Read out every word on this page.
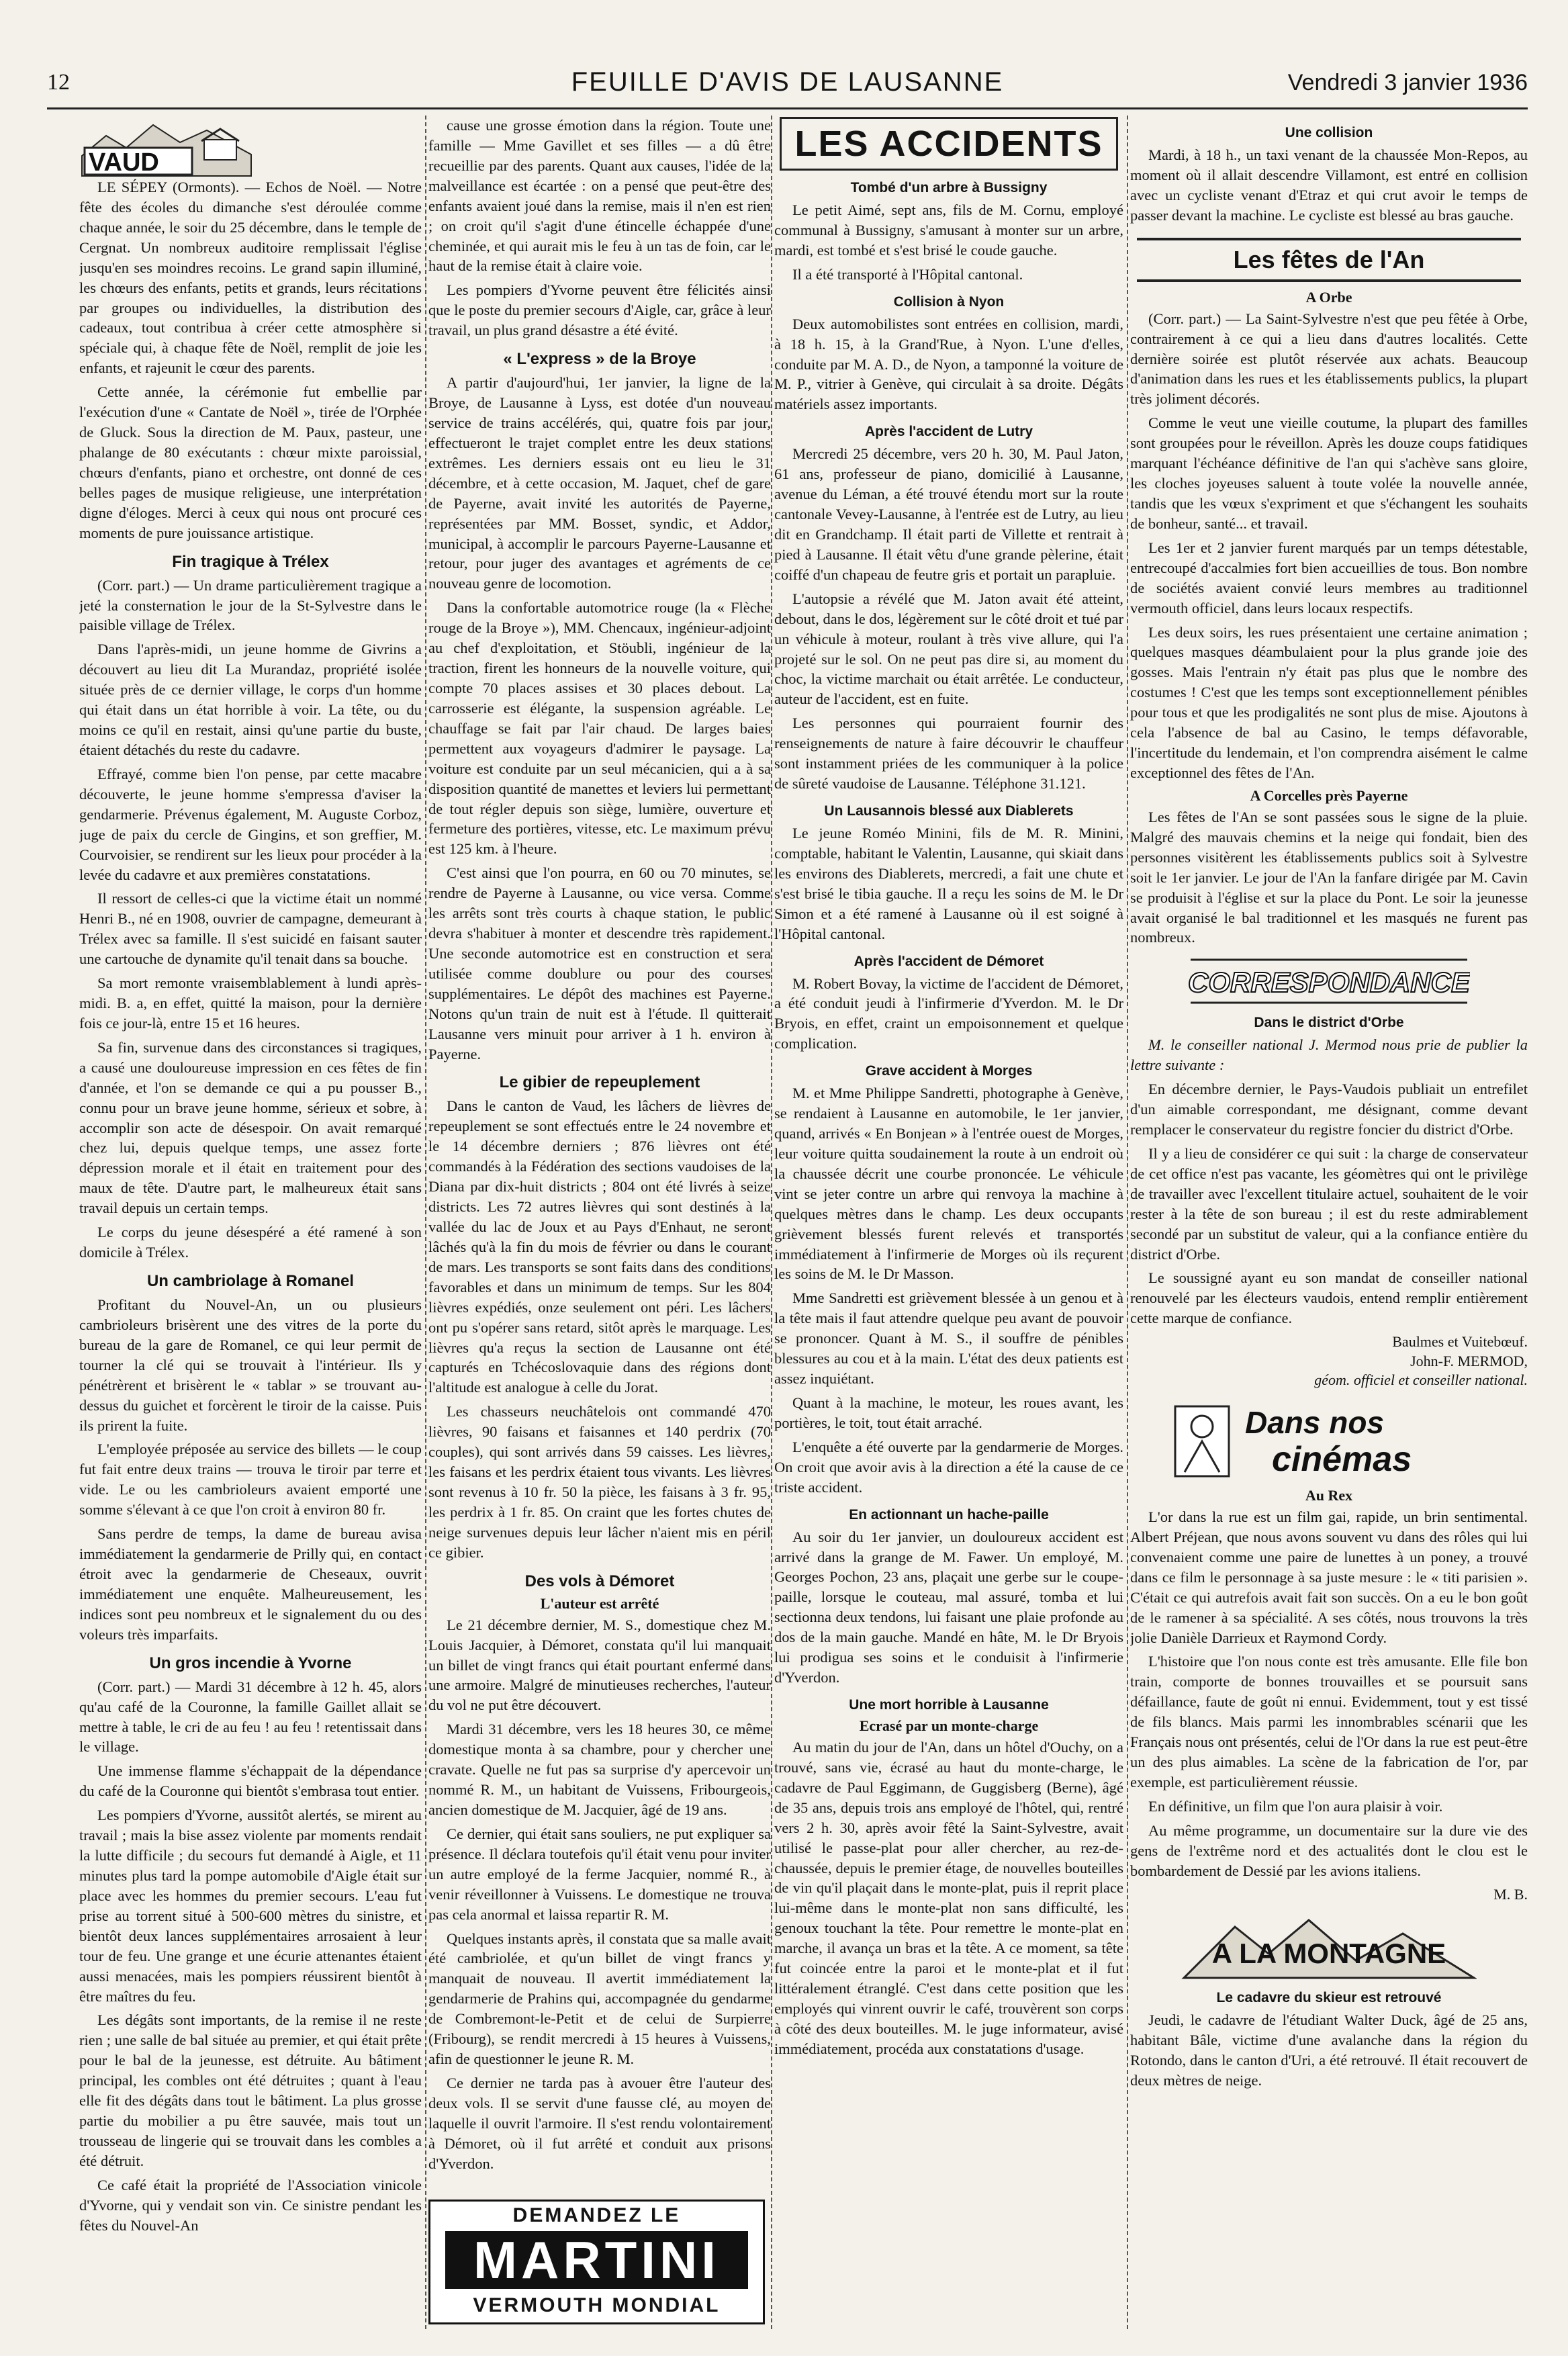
12	FEUILLE D'AVIS DE LAUSANNE	Vendredi 3 janvier 1936
VAUD

LE SÉPEY (Ormonts). — Echos de Noël. — Notre fête des écoles du dimanche s'est déroulée comme chaque année, le soir du 25 décembre, dans le temple de Cergnat. Un nombreux auditoire remplissait l'église jusqu'en ses moindres recoins. Le grand sapin illuminé, les chœurs des enfants, petits et grands, leurs récitations par groupes ou individuelles, la distribution des cadeaux, tout contribua à créer cette atmosphère si spéciale qui, à chaque fête de Noël, remplit de joie les enfants, et rajeunit le cœur des parents.

Cette année, la cérémonie fut embellie par l'exécution d'une « Cantate de Noël », tirée de l'Orphée de Gluck. Sous la direction de M. Paux, pasteur, une phalange de 80 exécutants : chœur mixte paroissial, chœurs d'enfants, piano et orchestre, ont donné de ces belles pages de musique religieuse, une interprétation digne d'éloges. Merci à ceux qui nous ont procuré ces moments de pure jouissance artistique.

Fin tragique à Trélex

(Corr. part.) — Un drame particulièrement tragique a jeté la consternation le jour de la St-Sylvestre dans le paisible village de Trélex.

Dans l'après-midi, un jeune homme de Givrins a découvert au lieu dit La Murandaz, propriété isolée située près de ce dernier village, le corps d'un homme qui était dans un état horrible à voir. La tête, ou du moins ce qu'il en restait, ainsi qu'une partie du buste, étaient détachés du reste du cadavre.

Effrayé, comme bien l'on pense, par cette macabre découverte, le jeune homme s'empressa d'aviser la gendarmerie. Prévenus également, M. Auguste Corboz, juge de paix du cercle de Gingins, et son greffier, M. Courvoisier, se rendirent sur les lieux pour procéder à la levée du cadavre et aux premières constatations.

Il ressort de celles-ci que la victime était un nommé Henri B., né en 1908, ouvrier de campagne, demeurant à Trélex avec sa famille. Il s'est suicidé en faisant sauter une cartouche de dynamite qu'il tenait dans sa bouche.

Sa mort remonte vraisemblablement à lundi après-midi. B. a, en effet, quitté la maison, pour la dernière fois ce jour-là, entre 15 et 16 heures.

Sa fin, survenue dans des circonstances si tragiques, a causé une douloureuse impression en ces fêtes de fin d'année, et l'on se demande ce qui a pu pousser B., connu pour un brave jeune homme, sérieux et sobre, à accomplir son acte de désespoir. On avait remarqué chez lui, depuis quelque temps, une assez forte dépression morale et il était en traitement pour des maux de tête. D'autre part, le malheureux était sans travail depuis un certain temps.

Le corps du jeune désespéré a été ramené à son domicile à Trélex.

Un cambriolage à Romanel

Profitant du Nouvel-An, un ou plusieurs cambrioleurs brisèrent une des vitres de la porte du bureau de la gare de Romanel, ce qui leur permit de tourner la clé qui se trouvait à l'intérieur. Ils y pénétrèrent et brisèrent le « tablar » se trouvant au-dessus du guichet et forcèrent le tiroir de la caisse. Puis ils prirent la fuite.

L'employée préposée au service des billets — le coup fut fait entre deux trains — trouva le tiroir par terre et vide. Le ou les cambrioleurs avaient emporté une somme s'élevant à ce que l'on croit à environ 80 fr.

Sans perdre de temps, la dame de bureau avisa immédiatement la gendarmerie de Prilly qui, en contact étroit avec la gendarmerie de Cheseaux, ouvrit immédiatement une enquête. Malheureusement, les indices sont peu nombreux et le signalement du ou des voleurs très imparfaits.

Un gros incendie à Yvorne

(Corr. part.) — Mardi 31 décembre à 12 h. 45, alors qu'au café de la Couronne, la famille Gaillet allait se mettre à table, le cri de au feu ! au feu ! retentissait dans le village.

Une immense flamme s'échappait de la dépendance du café de la Couronne qui bientôt s'embrasa tout entier.

Les pompiers d'Yvorne, aussitôt alertés, se mirent au travail ; mais la bise assez violente par moments rendait la lutte difficile ; du secours fut demandé à Aigle, et 11 minutes plus tard la pompe automobile d'Aigle était sur place avec les hommes du premier secours. L'eau fut prise au torrent situé à 500-600 mètres du sinistre, et bientôt deux lances supplémentaires arrosaient à leur tour de feu. Une grange et une écurie attenantes étaient aussi menacées, mais les pompiers réussirent bientôt à être maîtres du feu.

Les dégâts sont importants, de la remise il ne reste rien ; une salle de bal située au premier, et qui était prête pour le bal de la jeunesse, est détruite. Au bâtiment principal, les combles ont été détruites ; quant à l'eau elle fit des dégâts dans tout le bâtiment. La plus grosse partie du mobilier a pu être sauvée, mais tout un trousseau de lingerie qui se trouvait dans les combles a été détruit.

Ce café était la propriété de l'Association vinicole d'Yvorne, qui y vendait son vin. Ce sinistre pendant les fêtes du Nouvel-An

cause une grosse émotion dans la région. Toute une famille — Mme Gavillet et ses filles — a dû être recueillie par des parents. Quant aux causes, l'idée de la malveillance est écartée : on a pensé que peut-être des enfants avaient joué dans la remise, mais il n'en est rien ; on croit qu'il s'agit d'une étincelle échappée d'une cheminée, et qui aurait mis le feu à un tas de foin, car le haut de la remise était à claire voie.

Les pompiers d'Yvorne peuvent être félicités ainsi que le poste du premier secours d'Aigle, car, grâce à leur travail, un plus grand désastre a été évité.

« L'express » de la Broye

A partir d'aujourd'hui, 1er janvier, la ligne de la Broye, de Lausanne à Lyss, est dotée d'un nouveau service de trains accélérés, qui, quatre fois par jour, effectueront le trajet complet entre les deux stations extrêmes. Les derniers essais ont eu lieu le 31 décembre, et à cette occasion, M. Jaquet, chef de gare de Payerne, avait invité les autorités de Payerne, représentées par MM. Bosset, syndic, et Addor, municipal, à accomplir le parcours Payerne-Lausanne et retour, pour juger des avantages et agréments de ce nouveau genre de locomotion.

Dans la confortable automotrice rouge (la « Flèche rouge de la Broye »), MM. Chencaux, ingénieur-adjoint au chef d'exploitation, et Stöubli, ingénieur de la traction, firent les honneurs de la nouvelle voiture, qui compte 70 places assises et 30 places debout. La carrosserie est élégante, la suspension agréable. Le chauffage se fait par l'air chaud. De larges baies permettent aux voyageurs d'admirer le paysage. La voiture est conduite par un seul mécanicien, qui a à sa disposition quantité de manettes et leviers lui permettant de tout régler depuis son siège, lumière, ouverture et fermeture des portières, vitesse, etc. Le maximum prévu est 125 km. à l'heure.

C'est ainsi que l'on pourra, en 60 ou 70 minutes, se rendre de Payerne à Lausanne, ou vice versa. Comme les arrêts sont très courts à chaque station, le public devra s'habituer à monter et descendre très rapidement. Une seconde automotrice est en construction et sera utilisée comme doublure ou pour des courses supplémentaires. Le dépôt des machines est Payerne. Notons qu'un train de nuit est à l'étude. Il quitterait Lausanne vers minuit pour arriver à 1 h. environ à Payerne.

Le gibier de repeuplement

Dans le canton de Vaud, les lâchers de lièvres de repeuplement se sont effectués entre le 24 novembre et le 14 décembre derniers ; 876 lièvres ont été commandés à la Fédération des sections vaudoises de la Diana par dix-huit districts ; 804 ont été livrés à seize districts. Les 72 autres lièvres qui sont destinés à la vallée du lac de Joux et au Pays d'Enhaut, ne seront lâchés qu'à la fin du mois de février ou dans le courant de mars. Les transports se sont faits dans des conditions favorables et dans un minimum de temps. Sur les 804 lièvres expédiés, onze seulement ont péri. Les lâchers ont pu s'opérer sans retard, sitôt après le marquage. Les lièvres qu'a reçus la section de Lausanne ont été capturés en Tchécoslovaquie dans des régions dont l'altitude est analogue à celle du Jorat.

Les chasseurs neuchâtelois ont commandé 470 lièvres, 90 faisans et faisannes et 140 perdrix (70 couples), qui sont arrivés dans 59 caisses. Les lièvres, les faisans et les perdrix étaient tous vivants. Les lièvres sont revenus à 10 fr. 50 la pièce, les faisans à 3 fr. 95, les perdrix à 1 fr. 85. On craint que les fortes chutes de neige survenues depuis leur lâcher n'aient mis en péril ce gibier.

Des vols à Démoret
L'auteur est arrêté

Le 21 décembre dernier, M. S., domestique chez M. Louis Jacquier, à Démoret, constata qu'il lui manquait un billet de vingt francs qui était pourtant enfermé dans une armoire. Malgré de minutieuses recherches, l'auteur du vol ne put être découvert.

Mardi 31 décembre, vers les 18 heures 30, ce même domestique monta à sa chambre, pour y chercher une cravate. Quelle ne fut pas sa surprise d'y apercevoir un nommé R. M., un habitant de Vuissens, Fribourgeois, ancien domestique de M. Jacquier, âgé de 19 ans.

Ce dernier, qui était sans souliers, ne put expliquer sa présence. Il déclara toutefois qu'il était venu pour inviter un autre employé de la ferme Jacquier, nommé R., à venir réveillonner à Vuissens. Le domestique ne trouva pas cela anormal et laissa repartir R. M.

Quelques instants après, il constata que sa malle avait été cambriolée, et qu'un billet de vingt francs y manquait de nouveau. Il avertit immédiatement la gendarmerie de Prahins qui, accompagnée du gendarme de Combremont-le-Petit et de celui de Surpierre (Fribourg), se rendit mercredi à 15 heures à Vuissens, afin de questionner le jeune R. M.

Ce dernier ne tarda pas à avouer être l'auteur des deux vols. Il se servit d'une fausse clé, au moyen de laquelle il ouvrit l'armoire. Il s'est rendu volontairement à Démoret, où il fut arrêté et conduit aux prisons d'Yverdon.

DEMANDEZ LE
MARTINI
VERMOUTH MONDIAL
LES ACCIDENTS
Tombé d'un arbre à Bussigny

Le petit Aimé, sept ans, fils de M. Cornu, employé communal à Bussigny, s'amusant à monter sur un arbre, mardi, est tombé et s'est brisé le coude gauche.

Il a été transporté à l'Hôpital cantonal.

Collision à Nyon

Deux automobilistes sont entrées en collision, mardi, à 18 h. 15, à la Grand'Rue, à Nyon. L'une d'elles, conduite par M. A. D., de Nyon, a tamponné la voiture de M. P., vitrier à Genève, qui circulait à sa droite. Dégâts matériels assez importants.

Après l'accident de Lutry

Mercredi 25 décembre, vers 20 h. 30, M. Paul Jaton, 61 ans, professeur de piano, domicilié à Lausanne, avenue du Léman, a été trouvé étendu mort sur la route cantonale Vevey-Lausanne, à l'entrée est de Lutry, au lieu dit en Grandchamp. Il était parti de Villette et rentrait à pied à Lausanne. Il était vêtu d'une grande pèlerine, était coiffé d'un chapeau de feutre gris et portait un parapluie.

L'autopsie a révélé que M. Jaton avait été atteint, debout, dans le dos, légèrement sur le côté droit et tué par un véhicule à moteur, roulant à très vive allure, qui l'a projeté sur le sol. On ne peut pas dire si, au moment du choc, la victime marchait ou était arrêtée. Le conducteur, auteur de l'accident, est en fuite.

Les personnes qui pourraient fournir des renseignements de nature à faire découvrir le chauffeur sont instamment priées de les communiquer à la police de sûreté vaudoise de Lausanne. Téléphone 31.121.

Un Lausannois blessé aux Diablerets

Le jeune Roméo Minini, fils de M. R. Minini, comptable, habitant le Valentin, Lausanne, qui skiait dans les environs des Diablerets, mercredi, a fait une chute et s'est brisé le tibia gauche. Il a reçu les soins de M. le Dr Simon et a été ramené à Lausanne où il est soigné à l'Hôpital cantonal.

Après l'accident de Démoret

M. Robert Bovay, la victime de l'accident de Démoret, a été conduit jeudi à l'infirmerie d'Yverdon. M. le Dr Bryois, en effet, craint un empoisonnement et quelque complication.

Grave accident à Morges

M. et Mme Philippe Sandretti, photographe à Genève, se rendaient à Lausanne en automobile, le 1er janvier, quand, arrivés « En Bonjean » à l'entrée ouest de Morges, leur voiture quitta soudainement la route à un endroit où la chaussée décrit une courbe prononcée. Le véhicule vint se jeter contre un arbre qui renvoya la machine à quelques mètres dans le champ. Les deux occupants grièvement blessés furent relevés et transportés immédiatement à l'infirmerie de Morges où ils reçurent les soins de M. le Dr Masson.

Mme Sandretti est grièvement blessée à un genou et à la tête mais il faut attendre quelque peu avant de pouvoir se prononcer. Quant à M. S., il souffre de pénibles blessures au cou et à la main. L'état des deux patients est assez inquiétant.

Quant à la machine, le moteur, les roues avant, les portières, le toit, tout était arraché.

L'enquête a été ouverte par la gendarmerie de Morges. On croit que avoir avis à la direction a été la cause de ce triste accident.

En actionnant un hache-paille

Au soir du 1er janvier, un douloureux accident est arrivé dans la grange de M. Fawer. Un employé, M. Georges Pochon, 23 ans, plaçait une gerbe sur le coupe-paille, lorsque le couteau, mal assuré, tomba et lui sectionna deux tendons, lui faisant une plaie profonde au dos de la main gauche. Mandé en hâte, M. le Dr Bryois lui prodigua ses soins et le conduisit à l'infirmerie d'Yverdon.

Une mort horrible à Lausanne
Ecrasé par un monte-charge

Au matin du jour de l'An, dans un hôtel d'Ouchy, on a trouvé, sans vie, écrasé au haut du monte-charge, le cadavre de Paul Eggimann, de Guggisberg (Berne), âgé de 35 ans, depuis trois ans employé de l'hôtel, qui, rentré vers 2 h. 30, après avoir fêté la Saint-Sylvestre, avait utilisé le passe-plat pour aller chercher, au rez-de-chaussée, depuis le premier étage, de nouvelles bouteilles de vin qu'il plaçait dans le monte-plat, puis il reprit place lui-même dans le monte-plat non sans difficulté, les genoux touchant la tête. Pour remettre le monte-plat en marche, il avança un bras et la tête. A ce moment, sa tête fut coincée entre la paroi et le monte-plat et il fut littéralement étranglé. C'est dans cette position que les employés qui vinrent ouvrir le café, trouvèrent son corps à côté des deux bouteilles. M. le juge informateur, avisé immédiatement, procéda aux constatations d'usage.

Une collision

Mardi, à 18 h., un taxi venant de la chaussée Mon-Repos, au moment où il allait descendre Villamont, est entré en collision avec un cycliste venant d'Etraz et qui crut avoir le temps de passer devant la machine. Le cycliste est blessé au bras gauche.

Les fêtes de l'An
A Orbe

(Corr. part.) — La Saint-Sylvestre n'est que peu fêtée à Orbe, contrairement à ce qui a lieu dans d'autres localités. Cette dernière soirée est plutôt réservée aux achats. Beaucoup d'animation dans les rues et les établissements publics, la plupart très joliment décorés.

Comme le veut une vieille coutume, la plupart des familles sont groupées pour le réveillon. Après les douze coups fatidiques marquant l'échéance définitive de l'an qui s'achève sans gloire, les cloches joyeuses saluent à toute volée la nouvelle année, tandis que les vœux s'expriment et que s'échangent les souhaits de bonheur, santé... et travail.

Les 1er et 2 janvier furent marqués par un temps détestable, entrecoupé d'accalmies fort bien accueillies de tous. Bon nombre de sociétés avaient convié leurs membres au traditionnel vermouth officiel, dans leurs locaux respectifs.

Les deux soirs, les rues présentaient une certaine animation ; quelques masques déambulaient pour la plus grande joie des gosses. Mais l'entrain n'y était pas plus que le nombre des costumes ! C'est que les temps sont exceptionnellement pénibles pour tous et que les prodigalités ne sont plus de mise. Ajoutons à cela l'absence de bal au Casino, le temps défavorable, l'incertitude du lendemain, et l'on comprendra aisément le calme exceptionnel des fêtes de l'An.

A Corcelles près Payerne

Les fêtes de l'An se sont passées sous le signe de la pluie. Malgré des mauvais chemins et la neige qui fondait, bien des personnes visitèrent les établissements publics soit à Sylvestre soit le 1er janvier. Le jour de l'An la fanfare dirigée par M. Cavin se produisit à l'église et sur la place du Pont. Le soir la jeunesse avait organisé le bal traditionnel et les masqués ne furent pas nombreux.

CORRESPONDANCE
Dans le district d'Orbe

M. le conseiller national J. Mermod nous prie de publier la lettre suivante :

En décembre dernier, le Pays-Vaudois publiait un entrefilet d'un aimable correspondant, me désignant, comme devant remplacer le conservateur du registre foncier du district d'Orbe.

Il y a lieu de considérer ce qui suit : la charge de conservateur de cet office n'est pas vacante, les géomètres qui ont le privilège de travailler avec l'excellent titulaire actuel, souhaitent de le voir rester à la tête de son bureau ; il est du reste admirablement secondé par un substitut de valeur, qui a la confiance entière du district d'Orbe.

Le soussigné ayant eu son mandat de conseiller national renouvelé par les électeurs vaudois, entend remplir entièrement cette marque de confiance.

Baulmes et Vuitebœuf.
John-F. MERMOD,
géom. officiel et conseiller national.
Dans nos
cinémas
Au Rex

L'or dans la rue est un film gai, rapide, un brin sentimental. Albert Préjean, que nous avons souvent vu dans des rôles qui lui convenaient comme une paire de lunettes à un poney, a trouvé dans ce film le personnage à sa juste mesure : le « titi parisien ». C'était ce qui autrefois avait fait son succès. On a eu le bon goût de le ramener à sa spécialité. A ses côtés, nous trouvons la très jolie Danièle Darrieux et Raymond Cordy.

L'histoire que l'on nous conte est très amusante. Elle file bon train, comporte de bonnes trouvailles et se poursuit sans défaillance, faute de goût ni ennui. Evidemment, tout y est tissé de fils blancs. Mais parmi les innombrables scénarii que les Français nous ont présentés, celui de l'Or dans la rue est peut-être un des plus aimables. La scène de la fabrication de l'or, par exemple, est particulièrement réussie.

En définitive, un film que l'on aura plaisir à voir.

Au même programme, un documentaire sur la dure vie des gens de l'extrême nord et des actualités dont le clou est le bombardement de Dessié par les avions italiens.

M. B.
A LA MONTAGNE
Le cadavre du skieur est retrouvé

Jeudi, le cadavre de l'étudiant Walter Duck, âgé de 25 ans, habitant Bâle, victime d'une avalanche dans la région du Rotondo, dans le canton d'Uri, a été retrouvé. Il était recouvert de deux mètres de neige.
